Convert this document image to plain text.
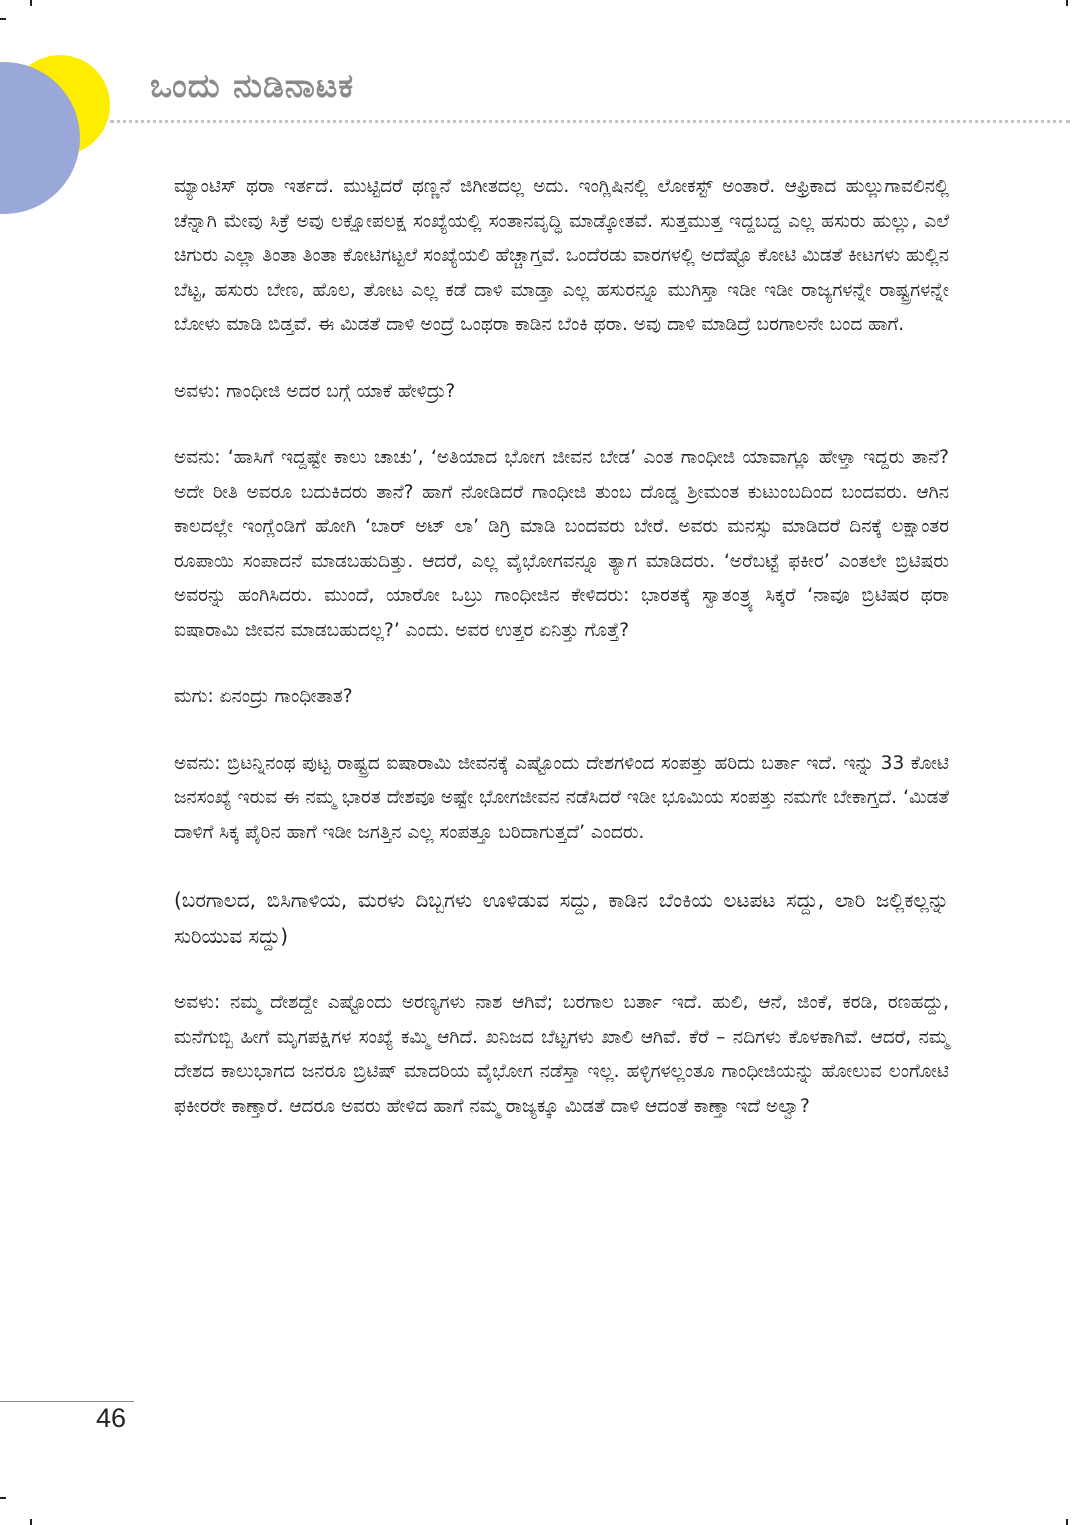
ಒಂದು ನುಡಿನಾಟಕ

ಮ್ಯಾಂಟಿಸ್ ಥರಾ ಇರ್ತದೆ. ಮುಟ್ಟಿದರೆ ಥಣ್ಣನೆ ಜಿಗೀತದಲ್ಲ ಅದು. ಇಂಗ್ಲಿಷಿನಲ್ಲಿ ಲೋಕಸ್ಟ್ ಅಂತಾರೆ. ಆಫ್ರಿಕಾದ ಹುಲ್ಲುಗಾವಲಿನಲ್ಲಿ ಚೆನ್ನಾಗಿ ಮೇವು ಸಿಕ್ರೆ ಅವು ಲಕ್ಷೋಪಲಕ್ಷ ಸಂಖ್ಯೆಯಲ್ಲಿ ಸಂತಾನವೃದ್ಧಿ ಮಾಡ್ಕೋತವೆ. ಸುತ್ತಮುತ್ತ ಇದ್ದಬದ್ದ ಎಲ್ಲ ಹಸುರು ಹುಲ್ಲು, ಎಲೆ ಚಿಗುರು ಎಲ್ಲಾ ತಿಂತಾ ತಿಂತಾ ಕೋಟಿಗಟ್ಟಲೆ ಸಂಖ್ಯೆಯಲಿ ಹೆಚ್ಚಾಗ್ತವೆ. ಒಂದೆರಡು ವಾರಗಳಲ್ಲಿ ಅದೆಷ್ಟೊ ಕೋಟಿ ಮಿಡತೆ ಕೀಟಗಳು ಹುಲ್ಲಿನ ಬೆಟ್ಟ, ಹಸುರು ಬೇಣ, ಹೊಲ, ತೋಟ ಎಲ್ಲ ಕಡೆ ದಾಳಿ ಮಾಡ್ತಾ ಎಲ್ಲ ಹಸುರನ್ನೂ ಮುಗಿಸ್ತಾ ಇಡೀ ಇಡೀ ರಾಜ್ಯಗಳನ್ನೇ ರಾಷ್ಟ್ರಗಳನ್ನೇ ಬೋಳು ಮಾಡಿ ಬಿಡ್ತವೆ. ಈ ಮಿಡತೆ ದಾಳಿ ಅಂದ್ರೆ ಒಂಥರಾ ಕಾಡಿನ ಬೆಂಕಿ ಥರಾ. ಅವು ದಾಳಿ ಮಾಡಿದ್ರೆ ಬರಗಾಲನೇ ಬಂದ ಹಾಗೆ.

ಅವಳು: ಗಾಂಧೀಜಿ ಅದರ ಬಗ್ಗೆ ಯಾಕೆ ಹೇಳಿದ್ರು?

ಅವನು: ‘ಹಾಸಿಗೆ ಇದ್ದಷ್ಟೇ ಕಾಲು ಚಾಚು’, ‘ಅತಿಯಾದ ಭೋಗ ಜೀವನ ಬೇಡ’ ಎಂತ ಗಾಂಧೀಜಿ ಯಾವಾಗ್ಲೂ ಹೇಳ್ತಾ ಇದ್ದರು ತಾನೆ? ಅದೇ ರೀತಿ ಅವರೂ ಬದುಕಿದರು ತಾನೆ? ಹಾಗೆ ನೋಡಿದರೆ ಗಾಂಧೀಜಿ ತುಂಬ ದೊಡ್ಡ ಶ್ರೀಮಂತ ಕುಟುಂಬದಿಂದ ಬಂದವರು. ಆಗಿನ ಕಾಲದಲ್ಲೇ ಇಂಗ್ಲೆಂಡಿಗೆ ಹೋಗಿ ‘ಬಾರ್ ಅಟ್ ಲಾ’ ಡಿಗ್ರಿ ಮಾಡಿ ಬಂದವರು ಬೇರೆ. ಅವರು ಮನಸ್ಸು ಮಾಡಿದರೆ ದಿನಕ್ಕೆ ಲಕ್ಷಾಂತರ ರೂಪಾಯಿ ಸಂಪಾದನೆ ಮಾಡಬಹುದಿತ್ತು. ಆದರೆ, ಎಲ್ಲ ವೈಭೋಗವನ್ನೂ ತ್ಯಾಗ ಮಾಡಿದರು. ‘ಅರೆಬಟ್ಟೆ ಫಕೀರ’ ಎಂತಲೇ ಬ್ರಿಟಿಷರು ಅವರನ್ನು ಹಂಗಿಸಿದರು. ಮುಂದೆ, ಯಾರೋ ಒಬ್ರು ಗಾಂಧೀಜಿನ ಕೇಳಿದರು: ಭಾರತಕ್ಕೆ ಸ್ವಾತಂತ್ರ್ಯ ಸಿಕ್ಕರೆ ‘ನಾವೂ ಬ್ರಿಟಿಷರ ಥರಾ ಐಷಾರಾಮಿ ಜೀವನ ಮಾಡಬಹುದಲ್ಲ?’ ಎಂದು. ಅವರ ಉತ್ತರ ಏನಿತ್ತು ಗೊತ್ತೆ?

ಮಗು: ಏನಂದ್ರು ಗಾಂಧೀತಾತ?

ಅವನು: ಬ್ರಿಟನ್ನಿನಂಥ ಪುಟ್ಟ ರಾಷ್ಟ್ರದ ಐಷಾರಾಮಿ ಜೀವನಕ್ಕೆ ಎಷ್ಟೊಂದು ದೇಶಗಳಿಂದ ಸಂಪತ್ತು ಹರಿದು ಬರ್ತಾ ಇದೆ. ಇನ್ನು 33 ಕೋಟಿ ಜನಸಂಖ್ಯೆ ಇರುವ ಈ ನಮ್ಮ ಭಾರತ ದೇಶವೂ ಅಷ್ಟೇ ಭೋಗಜೀವನ ನಡೆಸಿದರೆ ಇಡೀ ಭೂಮಿಯ ಸಂಪತ್ತು ನಮಗೇ ಬೇಕಾಗ್ತದೆ. ‘ಮಿಡತೆ ದಾಳಿಗೆ ಸಿಕ್ಕ ಪೈರಿನ ಹಾಗೆ ಇಡೀ ಜಗತ್ತಿನ ಎಲ್ಲ ಸಂಪತ್ತೂ ಬರಿದಾಗುತ್ತದೆ’ ಎಂದರು.

(ಬರಗಾಲದ, ಬಿಸಿಗಾಳಿಯ, ಮರಳು ದಿಬ್ಬಗಳು ಊಳಿಡುವ ಸದ್ದು, ಕಾಡಿನ ಬೆಂಕಿಯ ಲಟಪಟ ಸದ್ದು, ಲಾರಿ ಜಲ್ಲಿಕಲ್ಲನ್ನು ಸುರಿಯುವ ಸದ್ದು)

ಅವಳು: ನಮ್ಮ ದೇಶದ್ದೇ ಎಷ್ಟೊಂದು ಅರಣ್ಯಗಳು ನಾಶ ಆಗಿವೆ; ಬರಗಾಲ ಬರ್ತಾ ಇದೆ. ಹುಲಿ, ಆನೆ, ಜಿಂಕೆ, ಕರಡಿ, ರಣಹದ್ದು, ಮನೆಗುಬ್ಬಿ ಹೀಗೆ ಮೃಗಪಕ್ಷಿಗಳ ಸಂಖ್ಯೆ ಕಮ್ಮಿ ಆಗಿದೆ. ಖನಿಜದ ಬೆಟ್ಟಗಳು ಖಾಲಿ ಆಗಿವೆ. ಕೆರೆ – ನದಿಗಳು ಕೊಳಕಾಗಿವೆ. ಆದರೆ, ನಮ್ಮ ದೇಶದ ಕಾಲುಭಾಗದ ಜನರೂ ಬ್ರಿಟಿಷ್ ಮಾದರಿಯ ವೈಭೋಗ ನಡೆಸ್ತಾ ಇಲ್ಲ. ಹಳ್ಳಿಗಳಲ್ಲಂತೂ ಗಾಂಧೀಜಿಯನ್ನು ಹೋಲುವ ಲಂಗೋಟಿ ಫಕೀರರೇ ಕಾಣ್ತಾರೆ. ಆದರೂ ಅವರು ಹೇಳಿದ ಹಾಗೆ ನಮ್ಮ ರಾಜ್ಯಕ್ಕೂ ಮಿಡತೆ ದಾಳಿ ಆದಂತೆ ಕಾಣ್ತಾ ಇದೆ ಅಲ್ವಾ?

46
